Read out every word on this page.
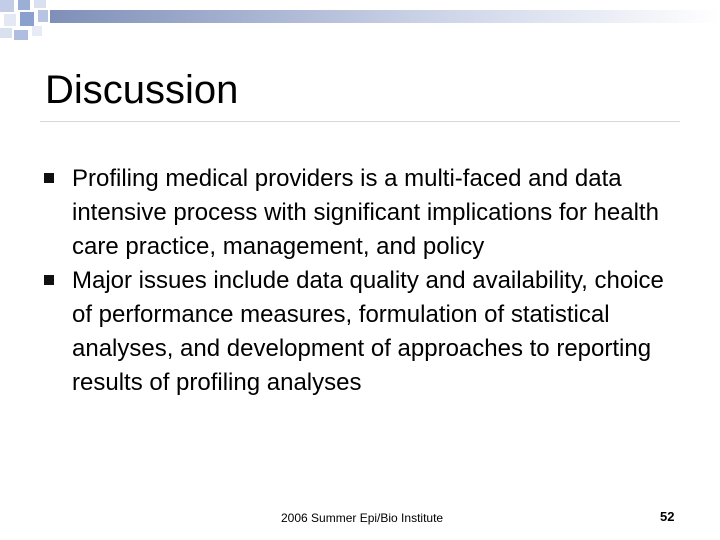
Discussion
Profiling medical providers is a multi-faced and data intensive process with significant implications for health care practice, management, and policy
Major issues include data quality and availability, choice of performance measures, formulation of statistical analyses, and development of approaches to reporting results of profiling analyses
2006 Summer Epi/Bio Institute	52
